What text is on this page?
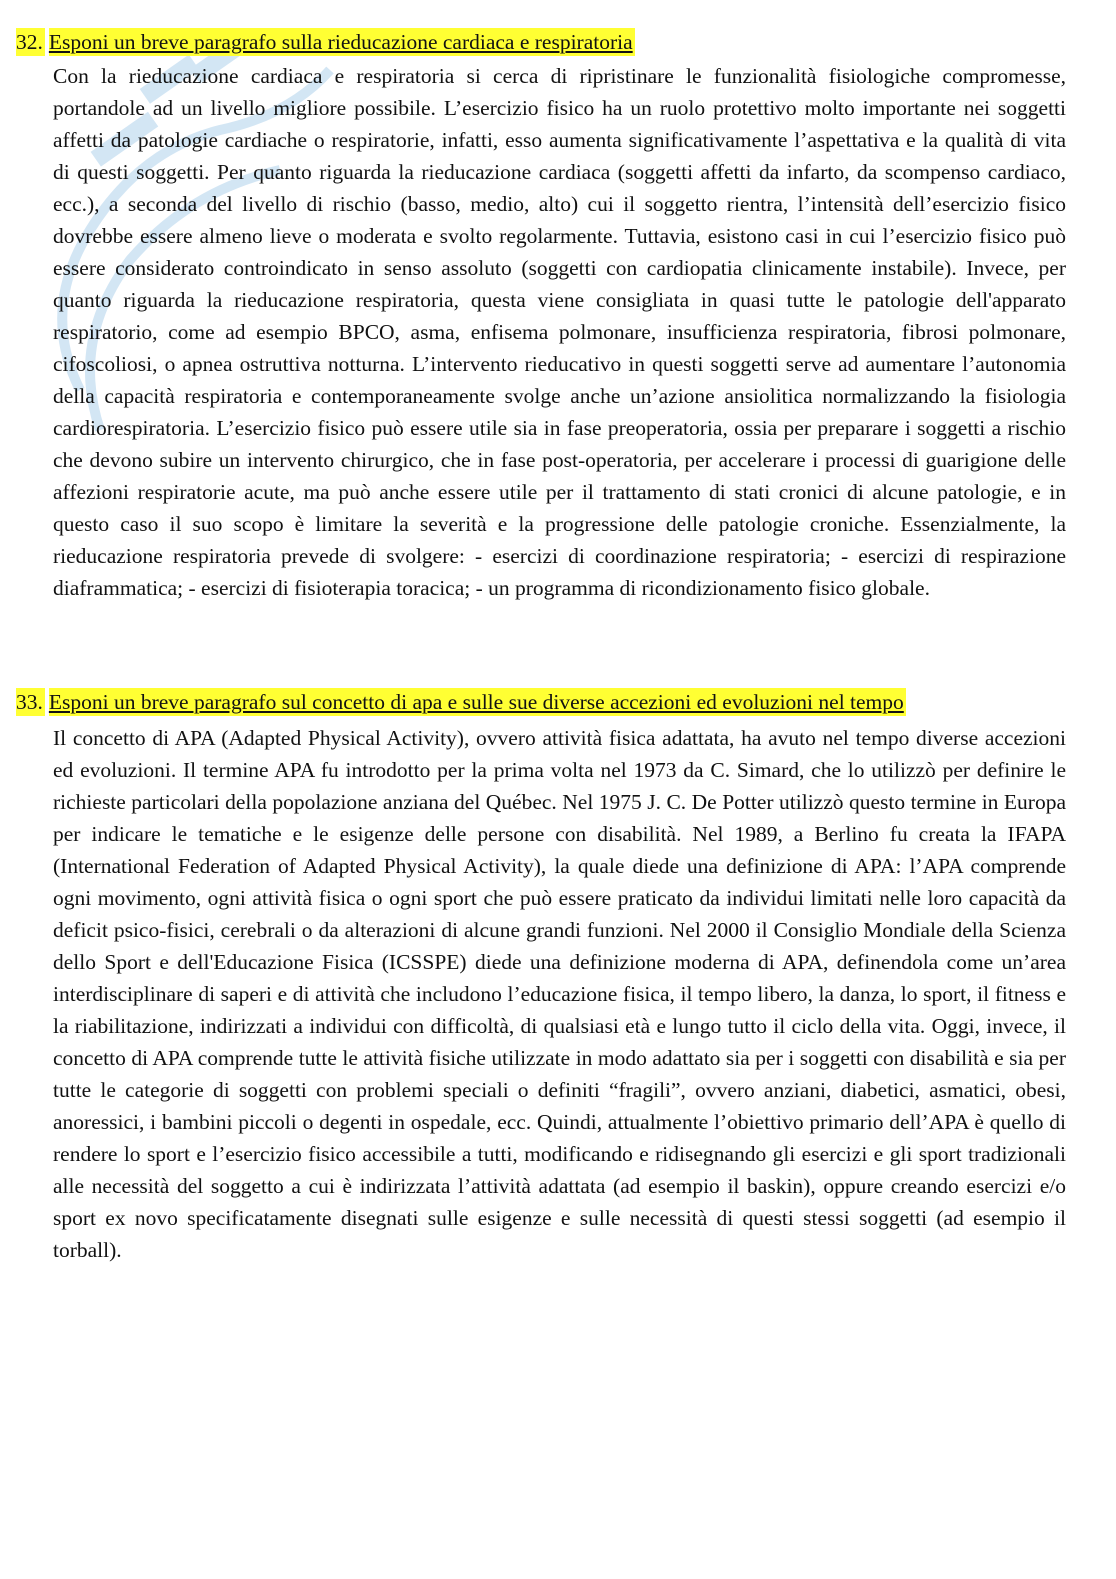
32. Esponi un breve paragrafo sulla rieducazione cardiaca e respiratoria

Con la rieducazione cardiaca e respiratoria si cerca di ripristinare le funzionalità fisiologiche compromesse, portandole ad un livello migliore possibile. L’esercizio fisico ha un ruolo protettivo molto importante nei soggetti affetti da patologie cardiache o respiratorie, infatti, esso aumenta significativamente l’aspettativa e la qualità di vita di questi soggetti. Per quanto riguarda la rieducazione cardiaca (soggetti affetti da infarto, da scompenso cardiaco, ecc.), a seconda del livello di rischio (basso, medio, alto) cui il soggetto rientra, l’intensità dell’esercizio fisico dovrebbe essere almeno lieve o moderata e svolto regolarmente. Tuttavia, esistono casi in cui l’esercizio fisico può essere considerato controindicato in senso assoluto (soggetti con cardiopatia clinicamente instabile). Invece, per quanto riguarda la rieducazione respiratoria, questa viene consigliata in quasi tutte le patologie dell'apparato respiratorio, come ad esempio BPCO, asma, enfisema polmonare, insufficienza respiratoria, fibrosi polmonare, cifoscoliosi, o apnea ostruttiva notturna. L’intervento rieducativo in questi soggetti serve ad aumentare l’autonomia della capacità respiratoria e contemporaneamente svolge anche un’azione ansiolitica normalizzando la fisiologia cardiorespiratoria. L’esercizio fisico può essere utile sia in fase preoperatoria, ossia per preparare i soggetti a rischio che devono subire un intervento chirurgico, che in fase post-operatoria, per accelerare i processi di guarigione delle affezioni respiratorie acute, ma può anche essere utile per il trattamento di stati cronici di alcune patologie, e in questo caso il suo scopo è limitare la severità e la progressione delle patologie croniche. Essenzialmente, la rieducazione respiratoria prevede di svolgere: - esercizi di coordinazione respiratoria; - esercizi di respirazione diaframmatica; - esercizi di fisioterapia toracica; - un programma di ricondizionamento fisico globale.

33. Esponi un breve paragrafo sul concetto di apa e sulle sue diverse accezioni ed evoluzioni nel tempo

Il concetto di APA (Adapted Physical Activity), ovvero attività fisica adattata, ha avuto nel tempo diverse accezioni ed evoluzioni. Il termine APA fu introdotto per la prima volta nel 1973 da C. Simard, che lo utilizzò per definire le richieste particolari della popolazione anziana del Québec. Nel 1975 J. C. De Potter utilizzò questo termine in Europa per indicare le tematiche e le esigenze delle persone con disabilità. Nel 1989, a Berlino fu creata la IFAPA (International Federation of Adapted Physical Activity), la quale diede una definizione di APA: l’APA comprende ogni movimento, ogni attività fisica o ogni sport che può essere praticato da individui limitati nelle loro capacità da deficit psico-fisici, cerebrali o da alterazioni di alcune grandi funzioni. Nel 2000 il Consiglio Mondiale della Scienza dello Sport e dell'Educazione Fisica (ICSSPE) diede una definizione moderna di APA, definendola come un’area interdisciplinare di saperi e di attività che includono l’educazione fisica, il tempo libero, la danza, lo sport, il fitness e la riabilitazione, indirizzati a individui con difficoltà, di qualsiasi età e lungo tutto il ciclo della vita. Oggi, invece, il concetto di APA comprende tutte le attività fisiche utilizzate in modo adattato sia per i soggetti con disabilità e sia per tutte le categorie di soggetti con problemi speciali o definiti “fragili”, ovvero anziani, diabetici, asmatici, obesi, anoressici, i bambini piccoli o degenti in ospedale, ecc. Quindi, attualmente l’obiettivo primario dell’APA è quello di rendere lo sport e l’esercizio fisico accessibile a tutti, modificando e ridisegnando gli esercizi e gli sport tradizionali alle necessità del soggetto a cui è indirizzata l’attività adattata (ad esempio il baskin), oppure creando esercizi e/o sport ex novo specificatamente disegnati sulle esigenze e sulle necessità di questi stessi soggetti (ad esempio il torball).
